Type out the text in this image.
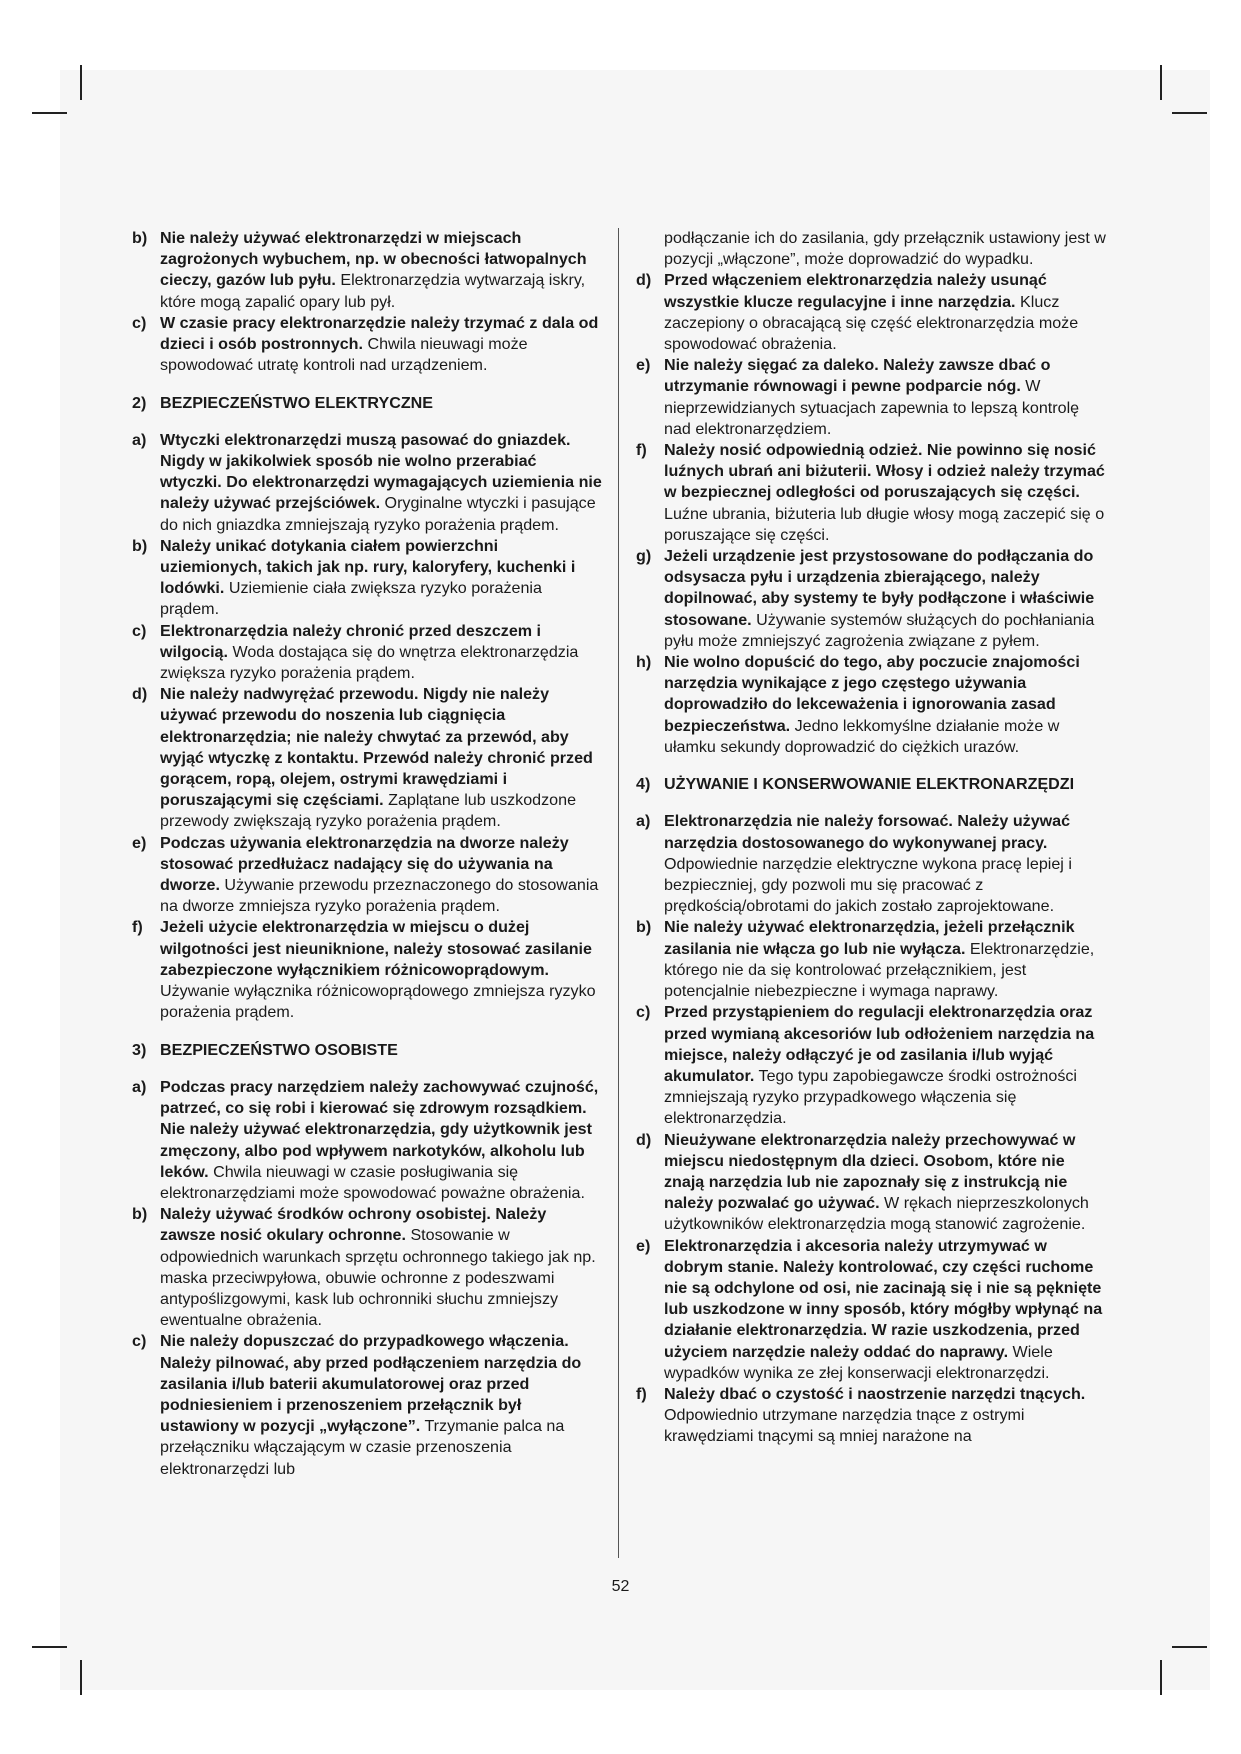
b) Nie należy używać elektronarzędzi w miejscach zagrożonych wybuchem, np. w obecności łatwopalnych cieczy, gazów lub pyłu. Elektronarzędzia wytwarzają iskry, które mogą zapalić opary lub pył.

c) W czasie pracy elektronarzędzie należy trzymać z dala od dzieci i osób postronnych. Chwila nieuwagi może spowodować utratę kontroli nad urządzeniem.

2) BEZPIECZEŃSTWO ELEKTRYCZNE

a) Wtyczki elektronarzędzi muszą pasować do gniazdek. Nigdy w jakikolwiek sposób nie wolno przerabiać wtyczki. Do elektronarzędzi wymagających uziemienia nie należy używać przejściówek. Oryginalne wtyczki i pasujące do nich gniazdka zmniejszają ryzyko porażenia prądem.

b) Należy unikać dotykania ciałem powierzchni uziemionych, takich jak np. rury, kaloryfery, kuchenki i lodówki. Uziemienie ciała zwiększa ryzyko porażenia prądem.

c) Elektronarzędzia należy chronić przed deszczem i wilgocią. Woda dostająca się do wnętrza elektronarzędzia zwiększa ryzyko porażenia prądem.

d) Nie należy nadwyrężać przewodu. Nigdy nie należy używać przewodu do noszenia lub ciągnięcia elektronarzędzia; nie należy chwytać za przewód, aby wyjąć wtyczkę z kontaktu. Przewód należy chronić przed gorącem, ropą, olejem, ostrymi krawędziami i poruszającymi się częściami. Zaplątane lub uszkodzone przewody zwiększają ryzyko porażenia prądem.

e) Podczas używania elektronarzędzia na dworze należy stosować przedłużacz nadający się do używania na dworze. Używanie przewodu przeznaczonego do stosowania na dworze zmniejsza ryzyko porażenia prądem.

f) Jeżeli użycie elektronarzędzia w miejscu o dużej wilgotności jest nieuniknione, należy stosować zasilanie zabezpieczone wyłącznikiem różnicowoprądowym. Używanie wyłącznika różnicowoprądowego zmniejsza ryzyko porażenia prądem.

3) BEZPIECZEŃSTWO OSOBISTE

a) Podczas pracy narzędziem należy zachowywać czujność, patrzeć, co się robi i kierować się zdrowym rozsądkiem. Nie należy używać elektronarzędzia, gdy użytkownik jest zmęczony, albo pod wpływem narkotyków, alkoholu lub leków. Chwila nieuwagi w czasie posługiwania się elektronarzędziami może spowodować poważne obrażenia.

b) Należy używać środków ochrony osobistej. Należy zawsze nosić okulary ochronne. Stosowanie w odpowiednich warunkach sprzętu ochronnego takiego jak np. maska przeciwpyłowa, obuwie ochronne z podeszwami antypoślizgowymi, kask lub ochronniki słuchu zmniejszy ewentualne obrażenia.

c) Nie należy dopuszczać do przypadkowego włączenia. Należy pilnować, aby przed podłączeniem narzędzia do zasilania i/lub baterii akumulatorowej oraz przed podniesieniem i przenoszeniem przełącznik był ustawiony w pozycji „wyłączone”. Trzymanie palca na przełączniku włączającym w czasie przenoszenia elektronarzędzi lub

podłączanie ich do zasilania, gdy przełącznik ustawiony jest w pozycji „włączone”, może doprowadzić do wypadku.

d) Przed włączeniem elektronarzędzia należy usunąć wszystkie klucze regulacyjne i inne narzędzia. Klucz zaczepiony o obracającą się część elektronarzędzia może spowodować obrażenia.

e) Nie należy sięgać za daleko. Należy zawsze dbać o utrzymanie równowagi i pewne podparcie nóg. W nieprzewidzianych sytuacjach zapewnia to lepszą kontrolę nad elektronarzędziem.

f) Należy nosić odpowiednią odzież. Nie powinno się nosić luźnych ubrań ani biżuterii. Włosy i odzież należy trzymać w bezpiecznej odległości od poruszających się części. Luźne ubrania, biżuteria lub długie włosy mogą zaczepić się o poruszające się części.

g) Jeżeli urządzenie jest przystosowane do podłączania do odsysacza pyłu i urządzenia zbierającego, należy dopilnować, aby systemy te były podłączone i właściwie stosowane. Używanie systemów służących do pochłaniania pyłu może zmniejszyć zagrożenia związane z pyłem.

h) Nie wolno dopuścić do tego, aby poczucie znajomości narzędzia wynikające z jego częstego używania doprowadziło do lekceważenia i ignorowania zasad bezpieczeństwa. Jedno lekkomyślne działanie może w ułamku sekundy doprowadzić do ciężkich urazów.

4) UŻYWANIE I KONSERWOWANIE ELEKTRONARZĘDZI

a) Elektronarzędzia nie należy forsować. Należy używać narzędzia dostosowanego do wykonywanej pracy. Odpowiednie narzędzie elektryczne wykona pracę lepiej i bezpieczniej, gdy pozwoli mu się pracować z prędkością/obrotami do jakich zostało zaprojektowane.

b) Nie należy używać elektronarzędzia, jeżeli przełącznik zasilania nie włącza go lub nie wyłącza. Elektronarzędzie, którego nie da się kontrolować przełącznikiem, jest potencjalnie niebezpieczne i wymaga naprawy.

c) Przed przystąpieniem do regulacji elektronarzędzia oraz przed wymianą akcesoriów lub odłożeniem narzędzia na miejsce, należy odłączyć je od zasilania i/lub wyjąć akumulator. Tego typu zapobiegawcze środki ostrożności zmniejszają ryzyko przypadkowego włączenia się elektronarzędzia.

d) Nieużywane elektronarzędzia należy przechowywać w miejscu niedostępnym dla dzieci. Osobom, które nie znają narzędzia lub nie zapoznały się z instrukcją nie należy pozwalać go używać. W rękach nieprzeszkolonych użytkowników elektronarzędzia mogą stanowić zagrożenie.

e) Elektronarzędzia i akcesoria należy utrzymywać w dobrym stanie. Należy kontrolować, czy części ruchome nie są odchylone od osi, nie zacinają się i nie są pęknięte lub uszkodzone w inny sposób, który mógłby wpłynąć na działanie elektronarzędzia. W razie uszkodzenia, przed użyciem narzędzie należy oddać do naprawy. Wiele wypadków wynika ze złej konserwacji elektronarzędzi.

f) Należy dbać o czystość i naostrzenie narzędzi tnących. Odpowiednio utrzymane narzędzia tnące z ostrymi krawędziami tnącymi są mniej narażone na

52
